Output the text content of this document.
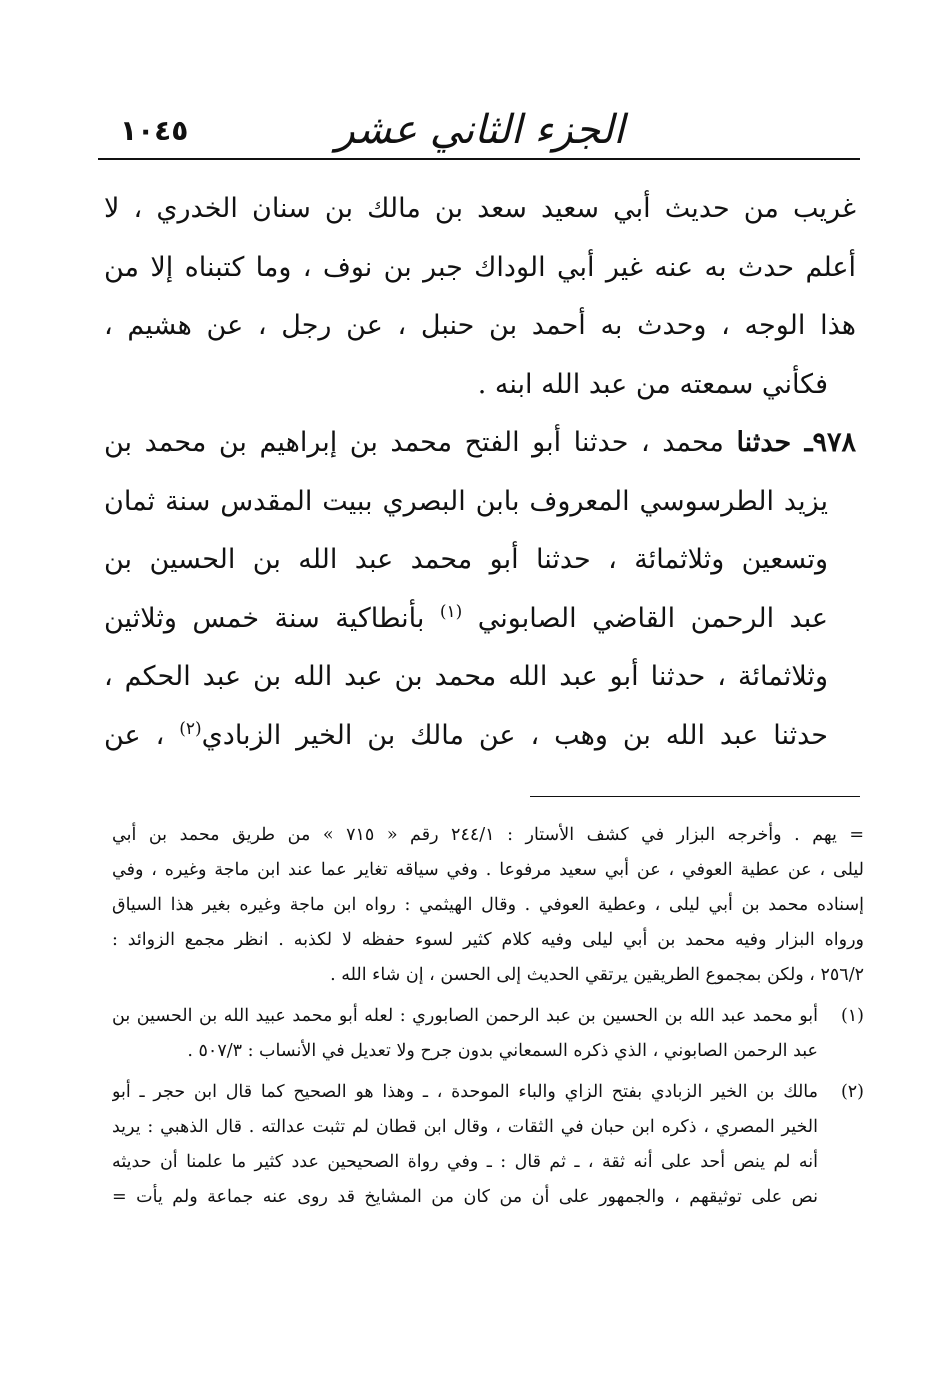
الجزء الثاني عشر
١٠٤٥
غريب من حديث أبي سعيد سعد بن مالك بن سنان الخدري ، لا
أعلم حدث به عنه غير أبي الوداك جبر بن نوف ، وما كتبناه إلا من
هذا الوجه ، وحدث به أحمد بن حنبل ، عن رجل ، عن هشيم ،
فكأني سمعته من عبد الله ابنه .
٩٧٨ـ حدثنا محمد ، حدثنا أبو الفتح محمد بن إبراهيم بن محمد بن
يزيد الطرسوسي المعروف بابن البصري ببيت المقدس سنة ثمان
وتسعين وثلاثمائة ، حدثنا أبو محمد عبد الله بن الحسين بن
عبد الرحمن القاضي الصابوني $^{(١)}$ بأنطاكية سنة خمس وثلاثين
وثلاثمائة ، حدثنا أبو عبد الله محمد بن عبد الله بن عبد الحكم ،
حدثنا عبد الله بن وهب ، عن مالك بن الخير الزبادي$^{(٢)}$ ، عن
= يهم . وأخرجه البزار في كشف الأستار : ٢٤٤/١ رقم « ٧١٥ » من طريق محمد بن أبي
ليلى ، عن عطية العوفي ، عن أبي سعيد مرفوعا . وفي سياقه تغاير عما عند ابن ماجة وغيره ، وفي
إسناده محمد بن أبي ليلى ، وعطية العوفي . وقال الهيثمي : رواه ابن ماجة وغيره بغير هذا السياق
ورواه البزار وفيه محمد بن أبي ليلى وفيه كلام كثير لسوء حفظه لا لكذبه . انظر مجمع الزوائد :
٢٥٦/٢ ، ولكن بمجموع الطريقين يرتقي الحديث إلى الحسن ، إن شاء الله .
(١)أبو محمد عبد الله بن الحسين بن عبد الرحمن الصابوري : لعله أبو محمد عبيد الله بن الحسين بن
عبد الرحمن الصابوني ، الذي ذكره السمعاني بدون جرح ولا تعديل في الأنساب : ٥٠٧/٣ .
(٢)مالك بن الخير الزبادي بفتح الزاي والباء الموحدة ، ـ وهذا هو الصحيح كما قال ابن حجر ـ أبو
الخير المصري ، ذكره ابن حبان في الثقات ، وقال ابن قطان لم تثبت عدالته . قال الذهبي : يريد
أنه لم ينص أحد على أنه ثقة ، ـ ثم قال : ـ وفي رواة الصحيحين عدد كثير ما علمنا أن حديثه
نص على توثيقهم ، والجمهور على أن من كان من المشايخ قد روى عنه جماعة ولم يأت =
